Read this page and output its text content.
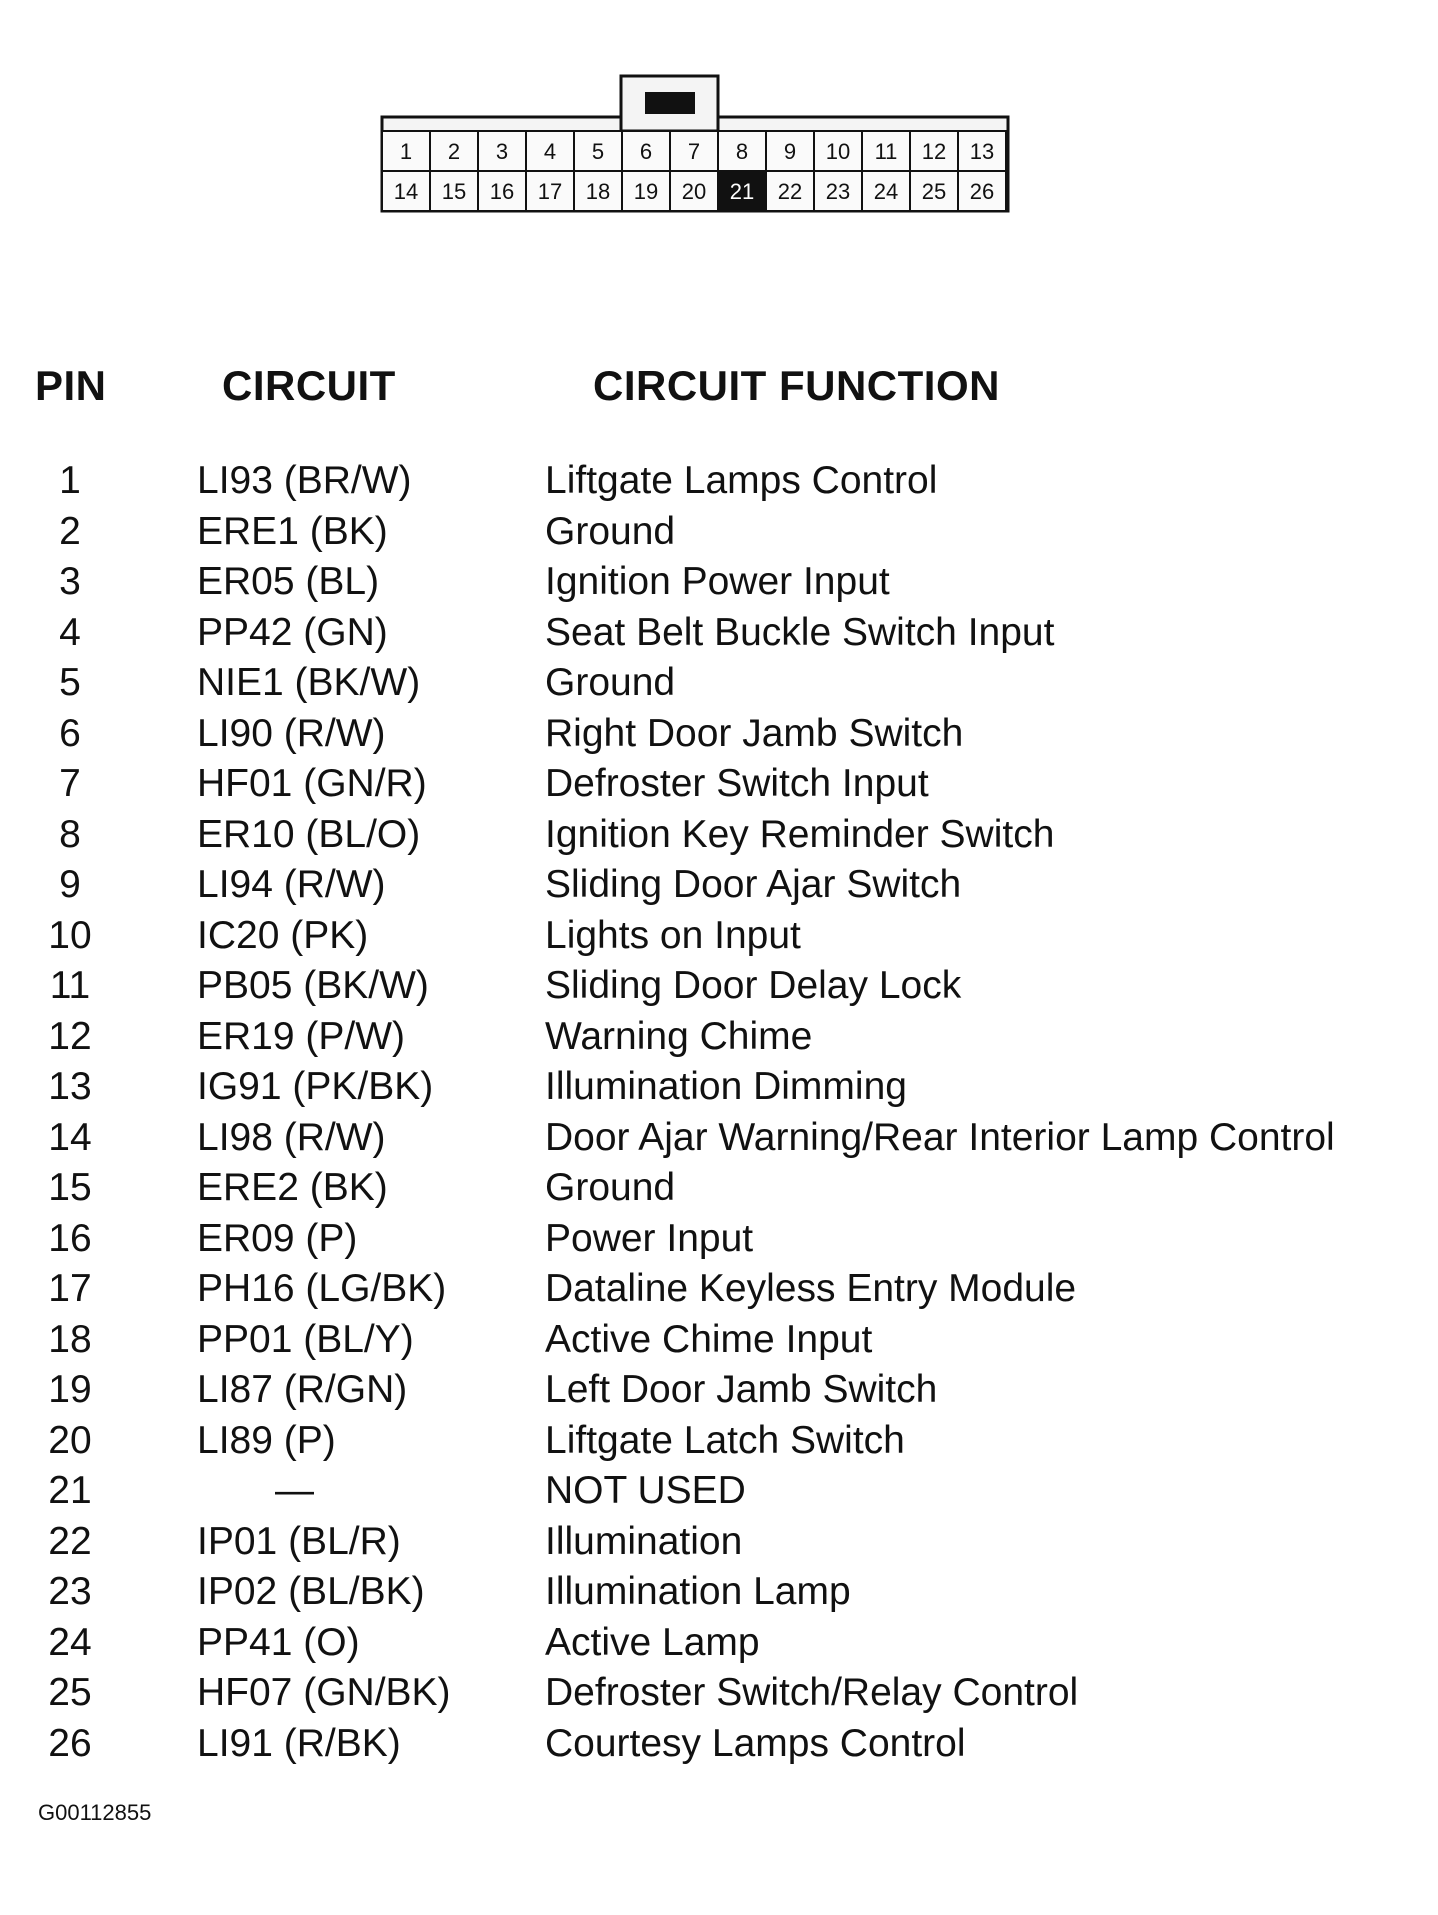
1 2 3 4 5 6 7 8 9 10 11 12 13
14 15 16 17 18 19 20 21 22 23 24 25 26
PIN	CIRCUIT	CIRCUIT FUNCTION
1	LI93 (BR/W)	Liftgate Lamps Control
2	ERE1 (BK)	Ground
3	ER05 (BL)	Ignition Power Input
4	PP42 (GN)	Seat Belt Buckle Switch Input
5	NIE1 (BK/W)	Ground
6	LI90 (R/W)	Right Door Jamb Switch
7	HF01 (GN/R)	Defroster Switch Input
8	ER10 (BL/O)	Ignition Key Reminder Switch
9	LI94 (R/W)	Sliding Door Ajar Switch
10	IC20 (PK)	Lights on Input
11	PB05 (BK/W)	Sliding Door Delay Lock
12	ER19 (P/W)	Warning Chime
13	IG91 (PK/BK)	Illumination Dimming
14	LI98 (R/W)	Door Ajar Warning/Rear Interior Lamp Control
15	ERE2 (BK)	Ground
16	ER09 (P)	Power Input
17	PH16 (LG/BK)	Dataline Keyless Entry Module
18	PP01 (BL/Y)	Active Chime Input
19	LI87 (R/GN)	Left Door Jamb Switch
20	LI89 (P)	Liftgate Latch Switch
21	—	NOT USED
22	IP01 (BL/R)	Illumination
23	IP02 (BL/BK)	Illumination Lamp
24	PP41 (O)	Active Lamp
25	HF07 (GN/BK) Defroster Switch/Relay Control
26	LI91 (R/BK)	Courtesy Lamps Control
G00112855
